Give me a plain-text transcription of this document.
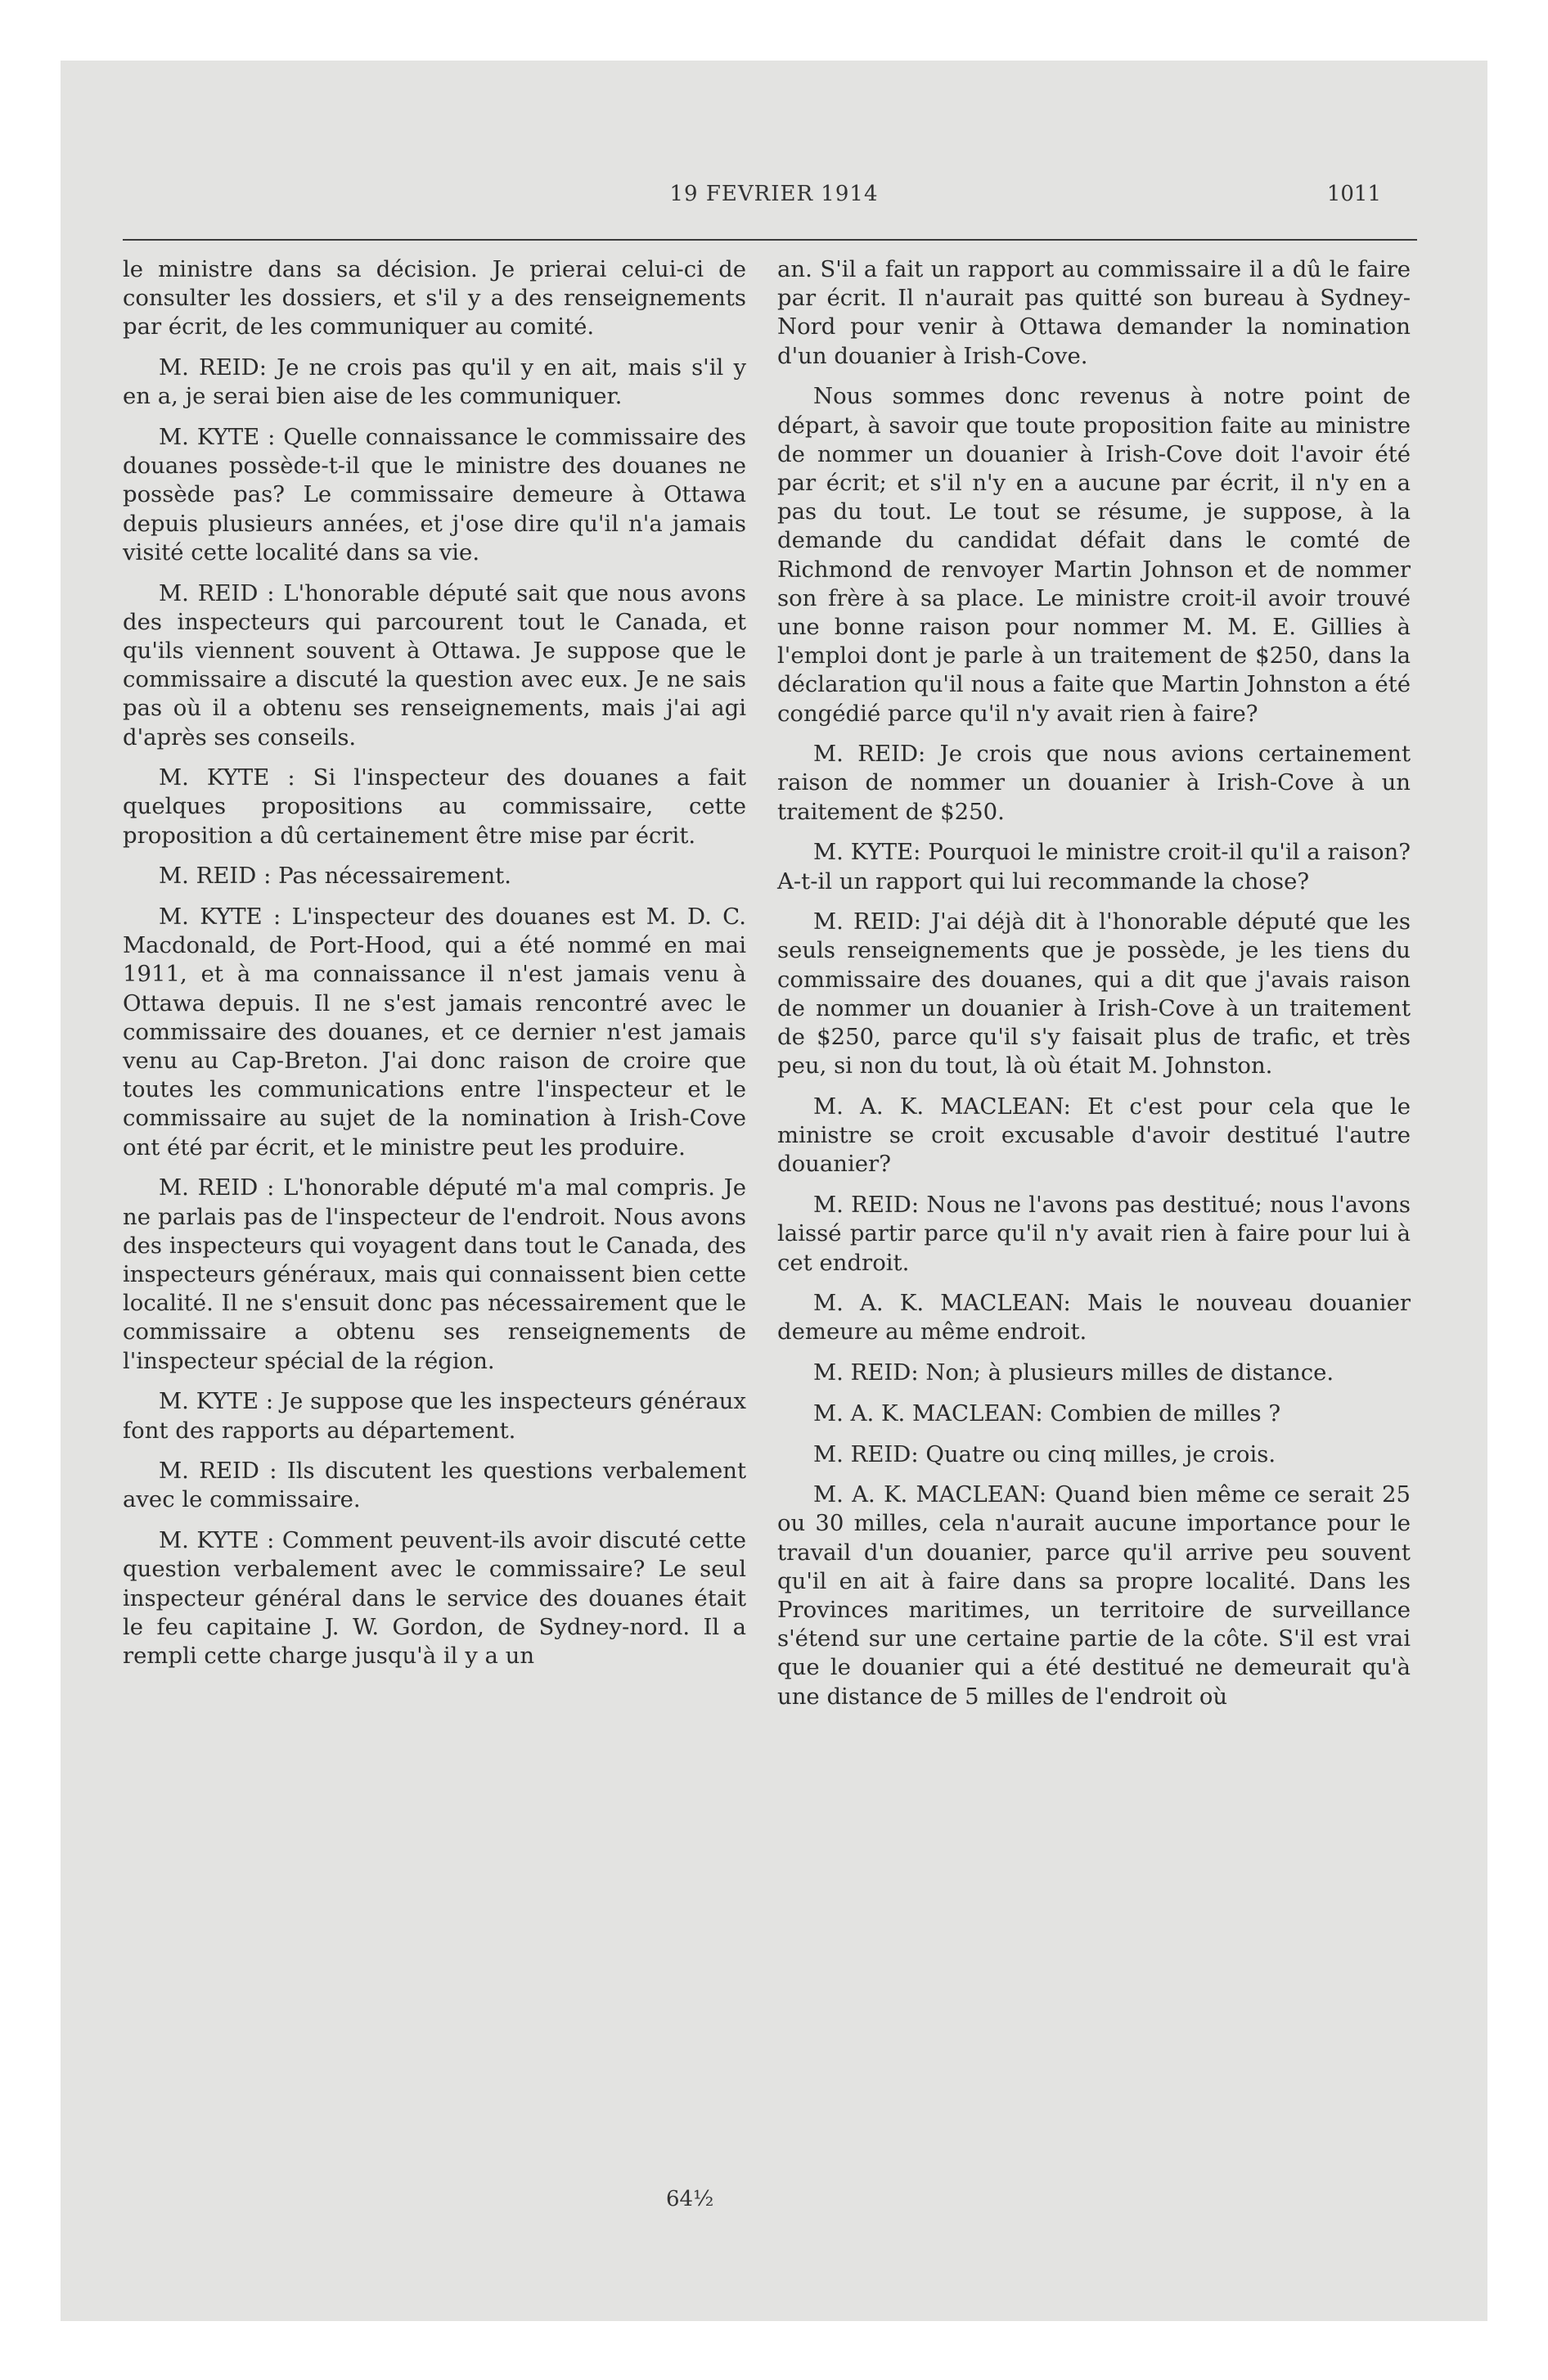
19 FEVRIER 1914	1011

le ministre dans sa décision. Je prierai celui-ci de consulter les dossiers, et s'il y a des renseignements par écrit, de les communiquer au comité.

M. REID: Je ne crois pas qu'il y en ait, mais s'il y en a, je serai bien aise de les communiquer.

M. KYTE : Quelle connaissance le commissaire des douanes possède-t-il que le ministre des douanes ne possède pas? Le commissaire demeure à Ottawa depuis plusieurs années, et j'ose dire qu'il n'a jamais visité cette localité dans sa vie.

M. REID : L'honorable député sait que nous avons des inspecteurs qui parcourent tout le Canada, et qu'ils viennent souvent à Ottawa. Je suppose que le commissaire a discuté la question avec eux. Je ne sais pas où il a obtenu ses renseignements, mais j'ai agi d'après ses conseils.

M. KYTE : Si l'inspecteur des douanes a fait quelques propositions au commissaire, cette proposition a dû certainement être mise par écrit.

M. REID : Pas nécessairement.

M. KYTE : L'inspecteur des douanes est M. D. C. Macdonald, de Port-Hood, qui a été nommé en mai 1911, et à ma connaissance il n'est jamais venu à Ottawa depuis. Il ne s'est jamais rencontré avec le commissaire des douanes, et ce dernier n'est jamais venu au Cap-Breton. J'ai donc raison de croire que toutes les communications entre l'inspecteur et le commissaire au sujet de la nomination à Irish-Cove ont été par écrit, et le ministre peut les produire.

M. REID : L'honorable député m'a mal compris. Je ne parlais pas de l'inspecteur de l'endroit. Nous avons des inspecteurs qui voyagent dans tout le Canada, des inspecteurs généraux, mais qui connaissent bien cette localité. Il ne s'ensuit donc pas nécessairement que le commissaire a obtenu ses renseignements de l'inspecteur spécial de la région.

M. KYTE : Je suppose que les inspecteurs généraux font des rapports au département.

M. REID : Ils discutent les questions verbalement avec le commissaire.

M. KYTE : Comment peuvent-ils avoir discuté cette question verbalement avec le commissaire? Le seul inspecteur général dans le service des douanes était le feu capitaine J. W. Gordon, de Sydney-nord. Il a rempli cette charge jusqu'à il y a un

an. S'il a fait un rapport au commissaire il a dû le faire par écrit. Il n'aurait pas quitté son bureau à Sydney-Nord pour venir à Ottawa demander la nomination d'un douanier à Irish-Cove.

Nous sommes donc revenus à notre point de départ, à savoir que toute proposition faite au ministre de nommer un douanier à Irish-Cove doit l'avoir été par écrit; et s'il n'y en a aucune par écrit, il n'y en a pas du tout. Le tout se résume, je suppose, à la demande du candidat défait dans le comté de Richmond de renvoyer Martin Johnson et de nommer son frère à sa place. Le ministre croit-il avoir trouvé une bonne raison pour nommer M. M. E. Gillies à l'emploi dont je parle à un traitement de $250, dans la déclaration qu'il nous a faite que Martin Johnston a été congédié parce qu'il n'y avait rien à faire?

M. REID: Je crois que nous avions certainement raison de nommer un douanier à Irish-Cove à un traitement de $250.

M. KYTE: Pourquoi le ministre croit-il qu'il a raison? A-t-il un rapport qui lui recommande la chose?

M. REID: J'ai déjà dit à l'honorable député que les seuls renseignements que je possède, je les tiens du commissaire des douanes, qui a dit que j'avais raison de nommer un douanier à Irish-Cove à un traitement de $250, parce qu'il s'y faisait plus de trafic, et très peu, si non du tout, là où était M. Johnston.

M. A. K. MACLEAN: Et c'est pour cela que le ministre se croit excusable d'avoir destitué l'autre douanier?

M. REID: Nous ne l'avons pas destitué; nous l'avons laissé partir parce qu'il n'y avait rien à faire pour lui à cet endroit.

M. A. K. MACLEAN: Mais le nouveau douanier demeure au même endroit.

M. REID: Non; à plusieurs milles de distance.

M. A. K. MACLEAN: Combien de milles ?

M. REID: Quatre ou cinq milles, je crois.

M. A. K. MACLEAN: Quand bien même ce serait 25 ou 30 milles, cela n'aurait aucune importance pour le travail d'un douanier, parce qu'il arrive peu souvent qu'il en ait à faire dans sa propre localité. Dans les Provinces maritimes, un territoire de surveillance s'étend sur une certaine partie de la côte. S'il est vrai que le douanier qui a été destitué ne demeurait qu'à une distance de 5 milles de l'endroit où

64½
